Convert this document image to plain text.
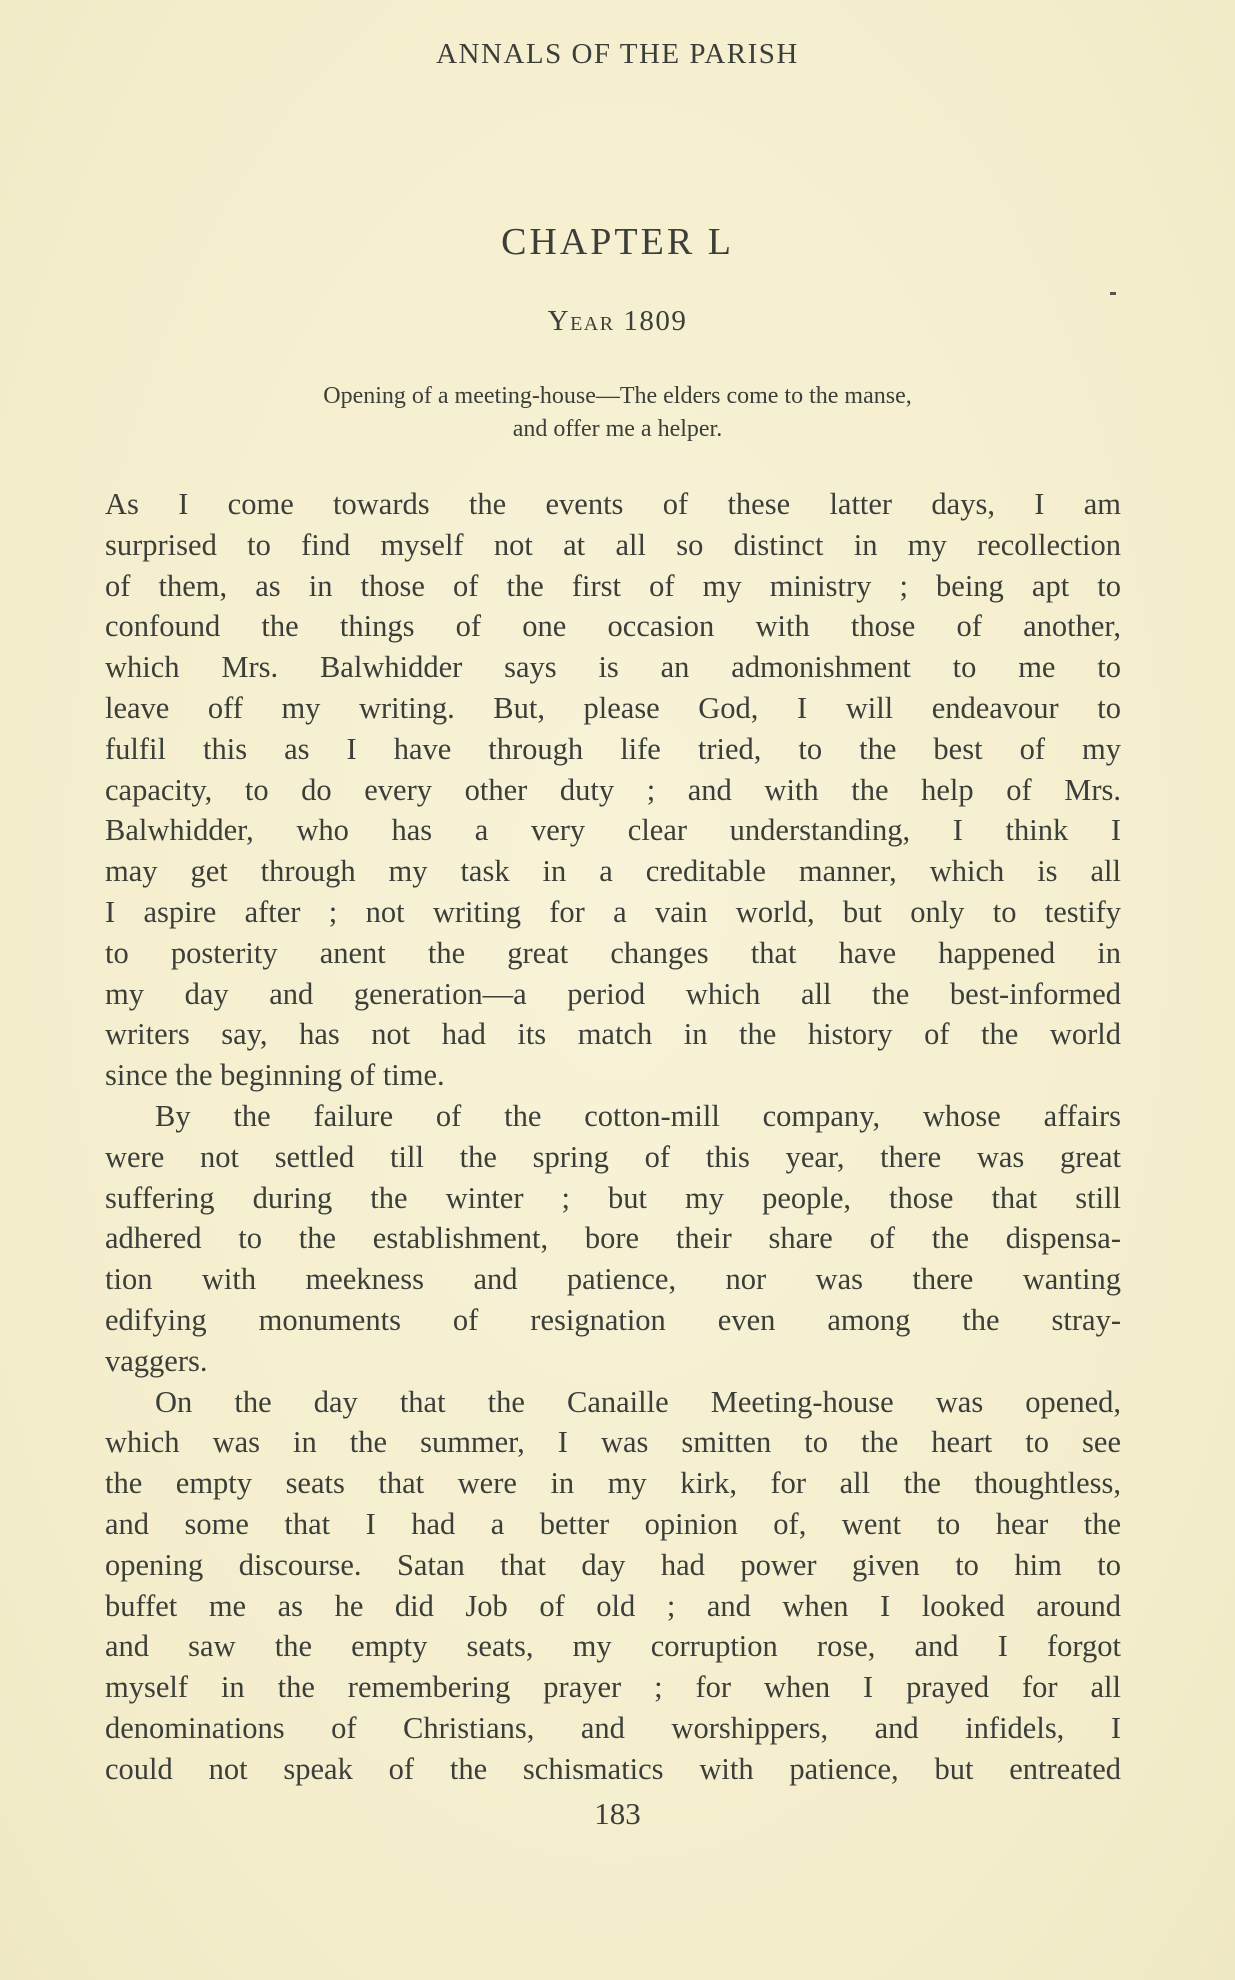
ANNALS OF THE PARISH
CHAPTER L
Year 1809
Opening of a meeting-house—The elders come to the manse,
and offer me a helper.
As I come towards the events of these latter days, I am
surprised to find myself not at all so distinct in my recollection
of them, as in those of the first of my ministry ; being apt to
confound the things of one occasion with those of another,
which Mrs. Balwhidder says is an admonishment to me to
leave off my writing. But, please God, I will endeavour to
fulfil this as I have through life tried, to the best of my
capacity, to do every other duty ; and with the help of Mrs.
Balwhidder, who has a very clear understanding, I think I
may get through my task in a creditable manner, which is all
I aspire after ; not writing for a vain world, but only to testify
to posterity anent the great changes that have happened in
my day and generation—a period which all the best-informed
writers say, has not had its match in the history of the world
since the beginning of time.
By the failure of the cotton-mill company, whose affairs
were not settled till the spring of this year, there was great
suffering during the winter ; but my people, those that still
adhered to the establishment, bore their share of the dispensa-
tion with meekness and patience, nor was there wanting
edifying monuments of resignation even among the stray-
vaggers.
On the day that the Canaille Meeting-house was opened,
which was in the summer, I was smitten to the heart to see
the empty seats that were in my kirk, for all the thoughtless,
and some that I had a better opinion of, went to hear the
opening discourse. Satan that day had power given to him to
buffet me as he did Job of old ; and when I looked around
and saw the empty seats, my corruption rose, and I forgot
myself in the remembering prayer ; for when I prayed for all
denominations of Christians, and worshippers, and infidels, I
could not speak of the schismatics with patience, but entreated
183
